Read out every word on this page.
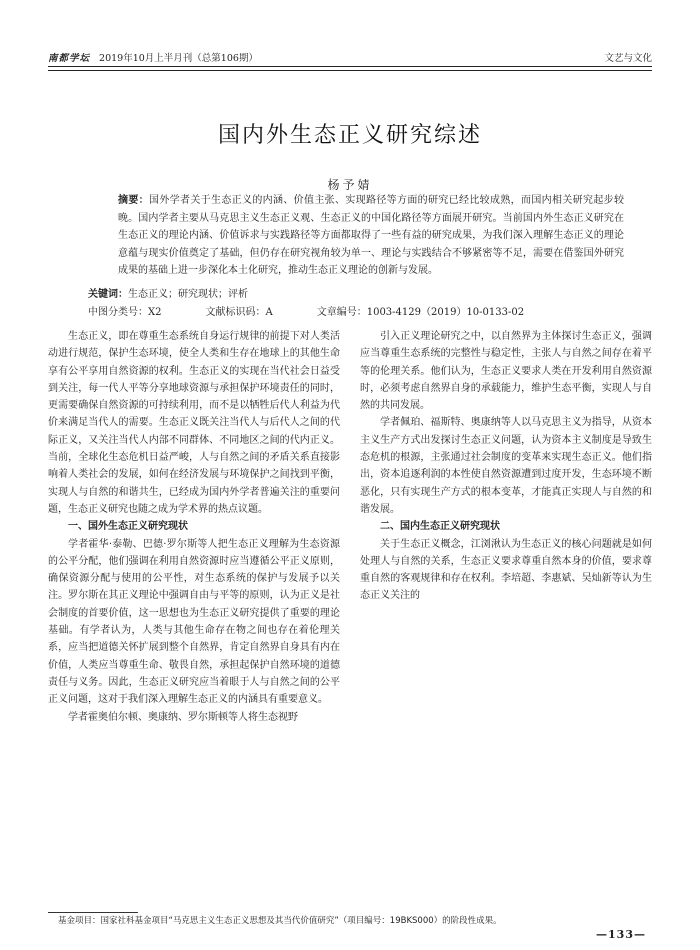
南都学坛 2019年10月上半月刊（总第106期）	文艺与文化
国内外生态正义研究综述
杨予婧
摘要：国外学者关于生态正义的内涵、价值主张、实现路径等方面的研究已经比较成熟，而国内相关研究起步较晚。国内学者主要从马克思主义生态正义观、生态正义的中国化路径等方面展开研究。当前国内外生态正义研究在生态正义的理论内涵、价值诉求与实践路径等方面都取得了一些有益的研究成果，为我们深入理解生态正义的理论意蕴与现实价值奠定了基础，但仍存在研究视角较为单一、理论与实践结合不够紧密等不足，需要在借鉴国外研究成果的基础上进一步深化本土化研究，推动生态正义理论的创新与发展。
关键词：生态正义；研究现状；评析
中图分类号：X2	文献标识码：A	文章编号：1003-4129（2019）10-0133-02

生态正义，即在尊重生态系统自身运行规律的前提下对人类活动进行规范，保护生态环境，使全人类和生存在地球上的其他生命享有公平享用自然资源的权利。生态正义的实现在当代社会日益受到关注，每一代人平等分享地球资源与承担保护环境责任的同时，更需要确保自然资源的可持续利用，而不是以牺牲后代人利益为代价来满足当代人的需要。生态正义既关注当代人与后代人之间的代际正义，又关注当代人内部不同群体、不同地区之间的代内正义。当前，全球化生态危机日益严峻，人与自然之间的矛盾关系直接影响着人类社会的发展，如何在经济发展与环境保护之间找到平衡，实现人与自然的和谐共生，已经成为国内外学者普遍关注的重要问题，生态正义研究也随之成为学术界的热点议题。

一、国外生态正义研究现状

学者霍华·泰勒、巴德·罗尔斯等人把生态正义理解为生态资源的公平分配，他们强调在利用自然资源时应当遵循公平正义原则，确保资源分配与使用的公平性，对生态系统的保护与发展予以关注。罗尔斯在其正义理论中强调自由与平等的原则，认为正义是社会制度的首要价值，这一思想也为生态正义研究提供了重要的理论基础。有学者认为，人类与其他生命存在物之间也存在着伦理关系，应当把道德关怀扩展到整个自然界，肯定自然界自身具有内在价值，人类应当尊重生命、敬畏自然，承担起保护自然环境的道德责任与义务。因此，生态正义研究应当着眼于人与自然之间的公平正义问题，这对于我们深入理解生态正义的内涵具有重要意义。

学者霍奥伯尔顿、奥康纳、罗尔斯顿等人将生态视野

引入正义理论研究之中，以自然界为主体探讨生态正义，强调应当尊重生态系统的完整性与稳定性，主张人与自然之间存在着平等的伦理关系。他们认为，生态正义要求人类在开发利用自然资源时，必须考虑自然界自身的承载能力，维护生态平衡，实现人与自然的共同发展。

学者佩珀、福斯特、奥康纳等人以马克思主义为指导，从资本主义生产方式出发探讨生态正义问题，认为资本主义制度是导致生态危机的根源，主张通过社会制度的变革来实现生态正义。他们指出，资本追逐利润的本性使自然资源遭到过度开发，生态环境不断恶化，只有实现生产方式的根本变革，才能真正实现人与自然的和谐发展。

二、国内生态正义研究现状

关于生态正义概念，江浏湫认为生态正义的核心问题就是如何处理人与自然的关系，生态正义要求尊重自然本身的价值，要求尊重自然的客观规律和存在权利。李培超、李惠斌、吴灿新等认为生态正义关注的

基金项目：国家社科基金项目“马克思主义生态正义思想及其当代价值研究”（项目编号：19BKS000）的阶段性成果。
—133—
